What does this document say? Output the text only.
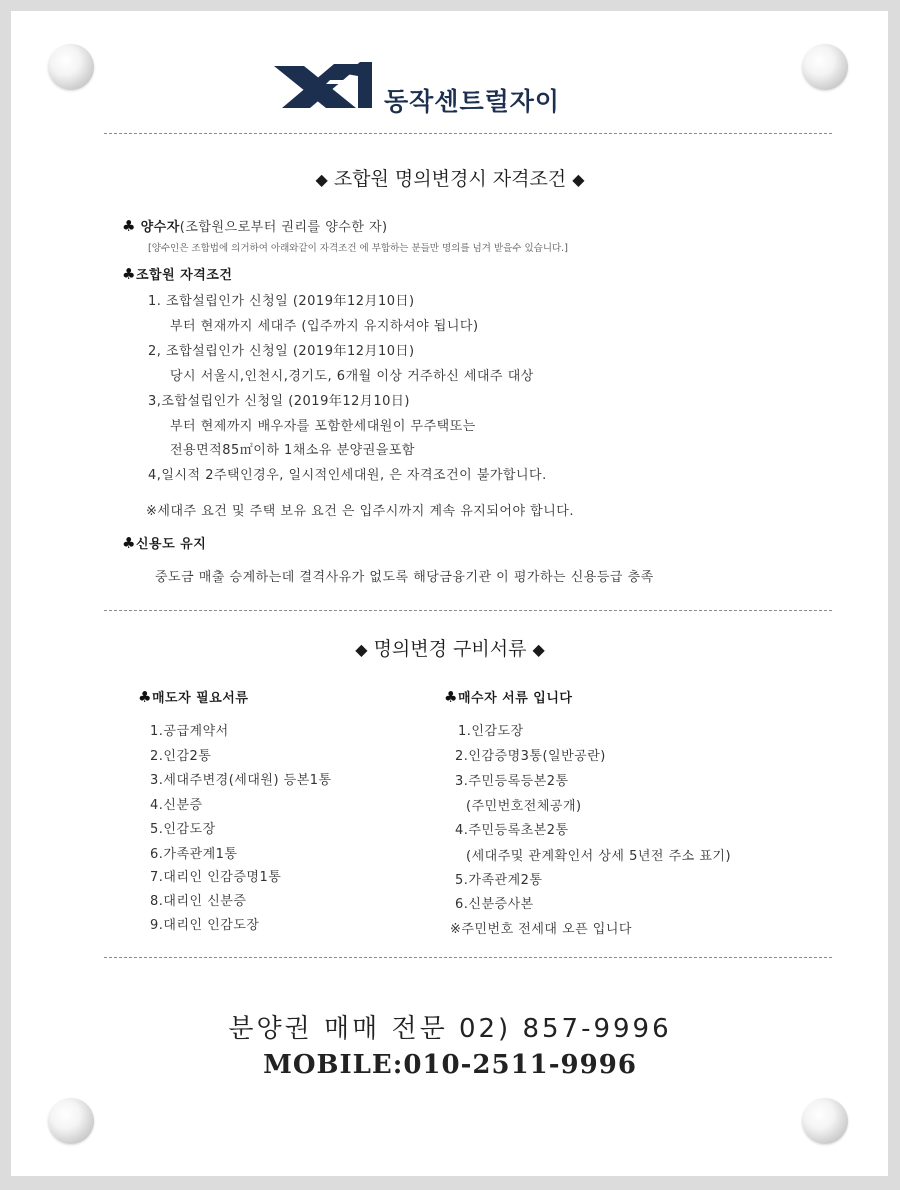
동작센트럴자이
◆ 조합원 명의변경시 자격조건 ◆
♣ 양수자(조합원으로부터 권리를 양수한 자)
[양수인은 조합법에 의거하여 아래와같이 자격조건 에 부합하는 분들만 명의를 넘겨 받을수 있습니다.]
♣조합원 자격조건
1. 조합설립인가 신청일 (2019年12月10日)
부터 현재까지 세대주 (입주까지 유지하셔야 됩니다)
2, 조합설립인가 신청일 (2019年12月10日)
당시 서울시,인천시,경기도, 6개월 이상 거주하신 세대주 대상
3,조합설립인가 신청일 (2019年12月10日)
부터 현제까지 배우자를 포함한세대원이 무주택또는
전용면적85㎡이하 1채소유 분양권을포함
4,일시적 2주택인경우, 일시적인세대원, 은 자격조건이 불가합니다.
※세대주 요건 및 주택 보유 요건 은 입주시까지 계속 유지되어야 합니다.
♣신용도 유지
중도금 매출 승계하는데 결격사유가 없도록 해당금융기관 이 평가하는 신용등급 충족
◆ 명의변경 구비서류 ◆
♣매도자 필요서류	♣매수자 서류 입니다
1.공급계약서
2.인감2통
3.세대주변경(세대원) 등본1통
4.신분증
5.인감도장
6.가족관계1통
7.대리인 인감증명1통
8.대리인 신분증
9.대리인 인감도장
1.인감도장
2.인감증명3통(일반공란)
3.주민등록등본2통
(주민번호전체공개)
4.주민등록초본2통
(세대주및 관계확인서 상세 5년전 주소 표기)
5.가족관계2통
6.신분증사본
※주민번호 전세대 오픈 입니다
분양권 매매 전문 02) 857-9996
MOBILE:010-2511-9996
